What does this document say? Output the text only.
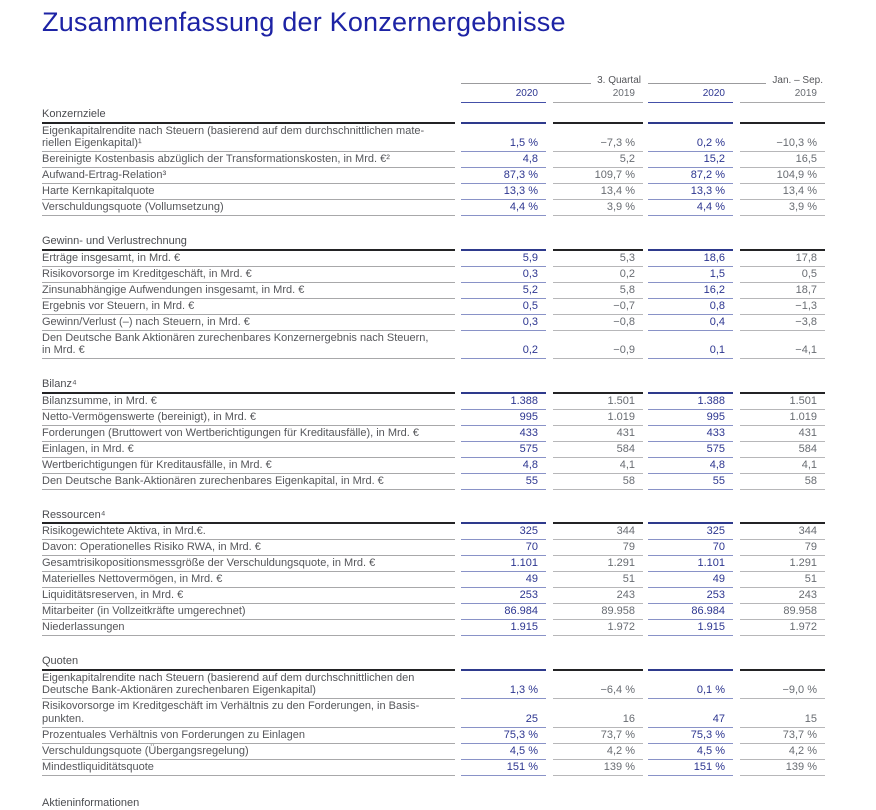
Zusammenfassung der Konzernergebnisse
3. Quartal	Jan. – Sep.
2020	2019	2020	2019
Konzernziele
Eigenkapitalrendite nach Steuern (basierend auf dem durchschnittlichen mate-
riellen Eigenkapital)¹	1,5 %	−7,3 %	0,2 %	−10,3 %
Bereinigte Kostenbasis abzüglich der Transformationskosten, in Mrd. €²	4,8	5,2	15,2	16,5
Aufwand-Ertrag-Relation³	87,3 %	109,7 %	87,2 %	104,9 %
Harte Kernkapitalquote	13,3 %	13,4 %	13,3 %	13,4 %
Verschuldungsquote (Vollumsetzung)	4,4 %	3,9 %	4,4 %	3,9 %
Gewinn- und Verlustrechnung
Erträge insgesamt, in Mrd. €	5,9	5,3	18,6	17,8
Risikovorsorge im Kreditgeschäft, in Mrd. €	0,3	0,2	1,5	0,5
Zinsunabhängige Aufwendungen insgesamt, in Mrd. €	5,2	5,8	16,2	18,7
Ergebnis vor Steuern, in Mrd. €	0,5	−0,7	0,8	−1,3
Gewinn/Verlust (–) nach Steuern, in Mrd. €	0,3	−0,8	0,4	−3,8
Den Deutsche Bank Aktionären zurechenbares Konzernergebnis nach Steuern,
in Mrd. €	0,2	−0,9	0,1	−4,1
Bilanz⁴
Bilanzsumme, in Mrd. €	1.388	1.501	1.388	1.501
Netto-Vermögenswerte (bereinigt), in Mrd. €	995	1.019	995	1.019
Forderungen (Bruttowert von Wertberichtigungen für Kreditausfälle), in Mrd. €	433	431	433	431
Einlagen, in Mrd. €	575	584	575	584
Wertberichtigungen für Kreditausfälle, in Mrd. €	4,8	4,1	4,8	4,1
Den Deutsche Bank-Aktionären zurechenbares Eigenkapital, in Mrd. €	55	58	55	58
Ressourcen⁴
Risikogewichtete Aktiva, in Mrd.€.	325	344	325	344
Davon: Operationelles Risiko RWA, in Mrd. €	70	79	70	79
Gesamtrisikopositionsmessgröße der Verschuldungsquote, in Mrd. €	1.101	1.291	1.101	1.291
Materielles Nettovermögen, in Mrd. €	49	51	49	51
Liquiditätsreserven, in Mrd. €	253	243	253	243
Mitarbeiter (in Vollzeitkräfte umgerechnet)	86.984	89.958	86.984	89.958
Niederlassungen	1.915	1.972	1.915	1.972
Quoten
Eigenkapitalrendite nach Steuern (basierend auf dem durchschnittlichen den
Deutsche Bank-Aktionären zurechenbaren Eigenkapital)	1,3 %	−6,4 %	0,1 %	−9,0 %
Risikovorsorge im Kreditgeschäft im Verhältnis zu den Forderungen, in Basis-
punkten.	25	16	47	15
Prozentuales Verhältnis von Forderungen zu Einlagen	75,3 %	73,7 %	75,3 %	73,7 %
Verschuldungsquote (Übergangsregelung)	4,5 %	4,2 %	4,5 %	4,2 %
Mindestliquiditätsquote	151 %	139 %	151 %	139 %
Aktieninformationen
